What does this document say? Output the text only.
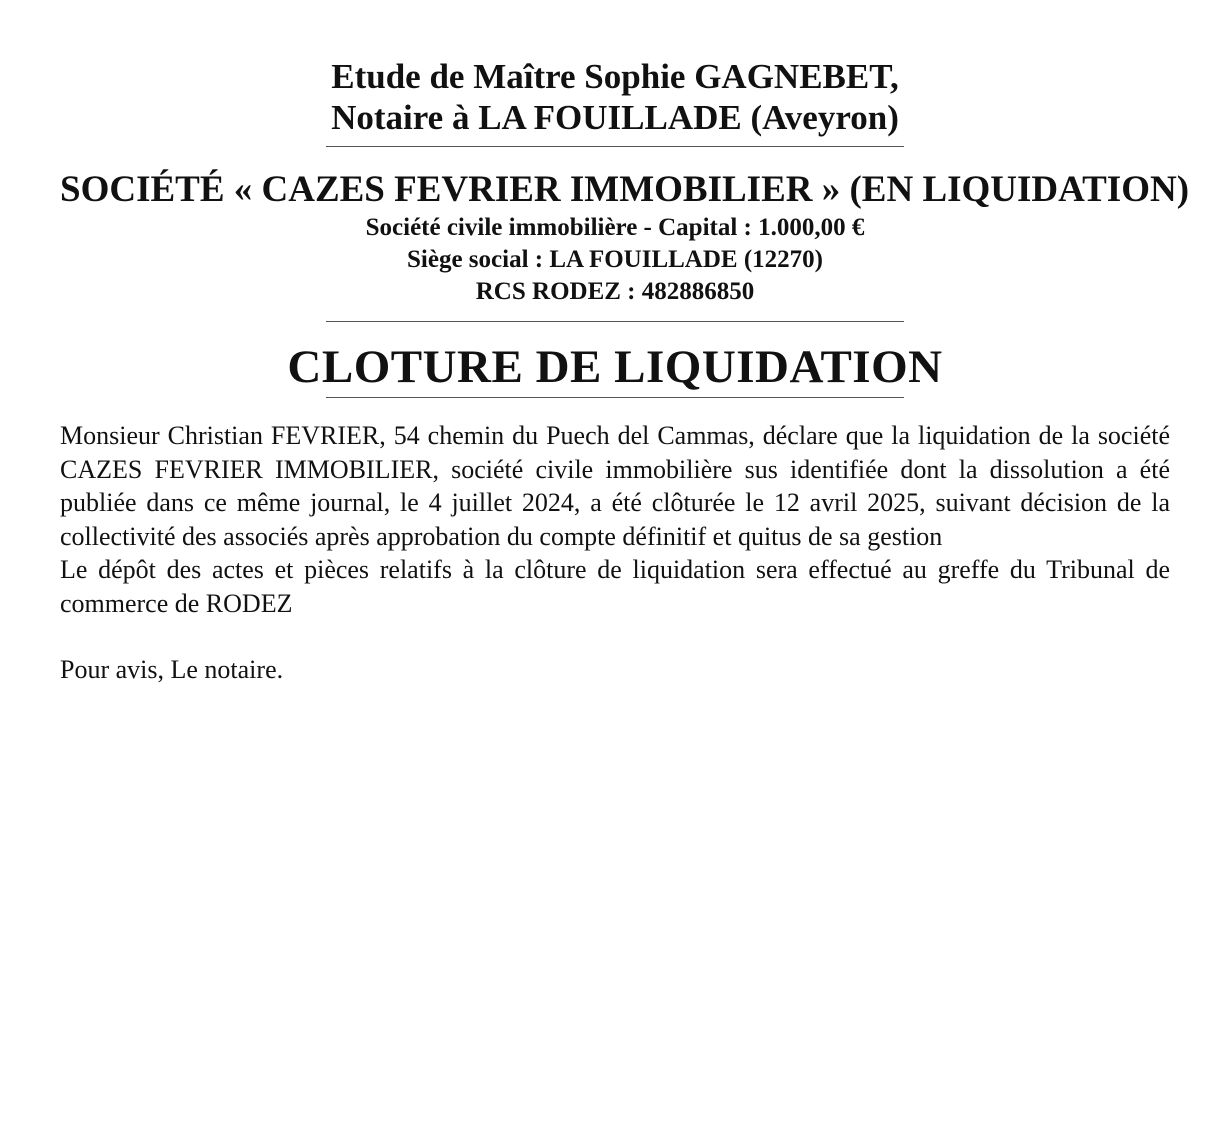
Etude de Maître Sophie GAGNEBET,

Notaire à LA FOUILLADE (Aveyron)

SOCIÉTÉ « CAZES FEVRIER IMMOBILIER » (EN LIQUIDATION)

Société civile immobilière - Capital : 1.000,00 €

Siège social : LA FOUILLADE (12270)

RCS RODEZ : 482886850

CLOTURE DE LIQUIDATION

Monsieur Christian FEVRIER, 54 chemin du Puech del Cammas, déclare que la liquidation de la société CAZES FEVRIER IMMOBILIER, société civile immobilière sus identifiée dont la dissolution a été publiée dans ce même journal, le 4 juillet 2024, a été clôturée le 12 avril 2025, suivant décision de la collectivité des associés après approbation du compte définitif et quitus de sa gestion

Le dépôt des actes et pièces relatifs à la clôture de liquidation sera effectué au greffe du Tribunal de commerce de RODEZ

Pour avis, Le notaire.
